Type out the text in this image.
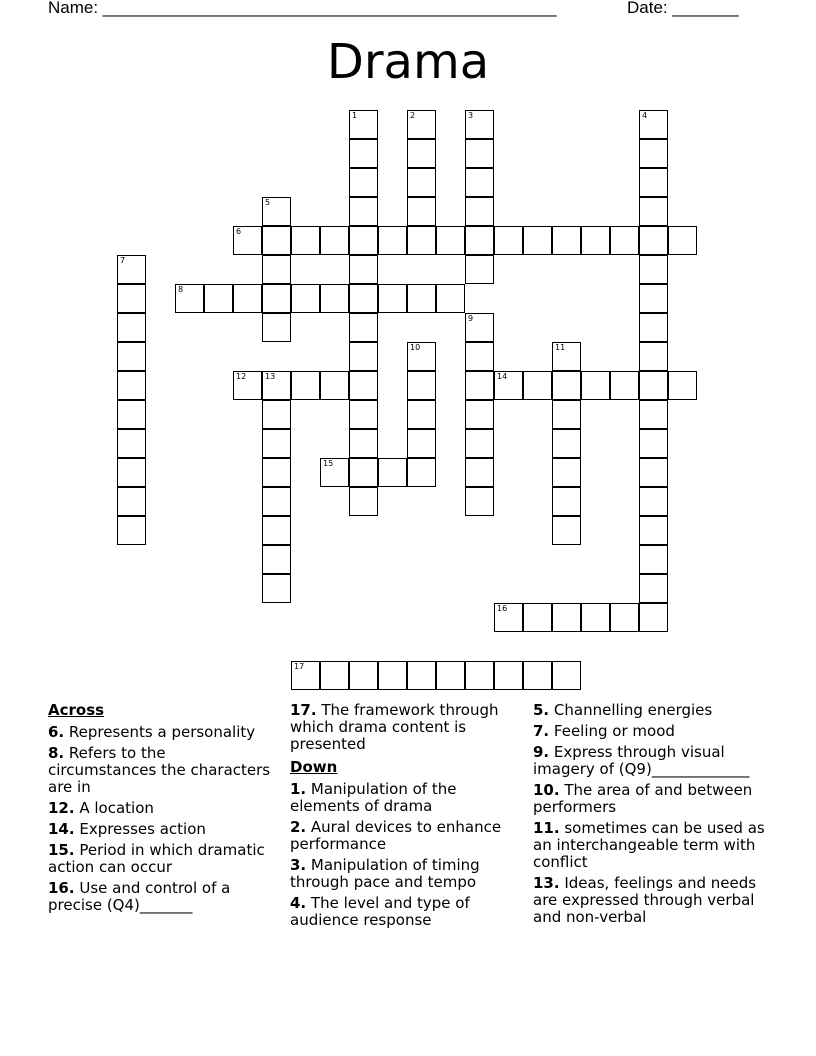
Name: ________________________________________________	Date: _______
Drama
1	2	3	4
5
6
7
8
9
10	11
12 13	14
15
16
17
Across
6. Represents a personality
8. Refers to the circumstances the characters are in
12. A location
14. Expresses action
15. Period in which dramatic action can occur
16. Use and control of a precise (Q4)_______
17. The framework through which drama content is presented
Down
1. Manipulation of the elements of drama
2. Aural devices to enhance performance
3. Manipulation of timing through pace and tempo
4. The level and type of audience response
5. Channelling energies
7. Feeling or mood
9. Express through visual imagery of (Q9)_____________
10. The area of and between performers
11. sometimes can be used as an interchangeable term with conflict
13. Ideas, feelings and needs are expressed through verbal and non-verbal
